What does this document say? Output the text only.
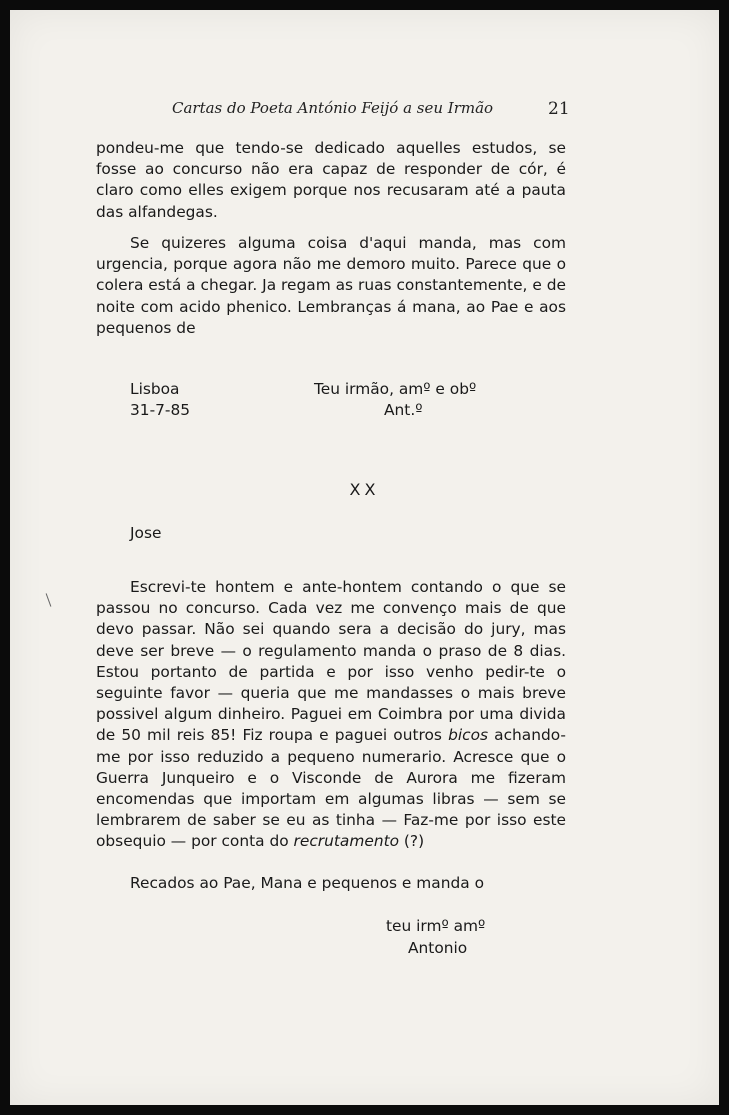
Cartas do Poeta António Feijó a seu Irmão	21

pondeu-me que tendo-se dedicado aquelles estudos, se fosse ao concurso não era capaz de responder de cór, é claro como elles exigem porque nos recusaram até a pauta das alfandegas.

Se quizeres alguma coisa d'aqui manda, mas com urgencia, porque agora não me demoro muito. Parece que o colera está a chegar. Ja regam as ruas constantemente, e de noite com acido phenico. Lembranças á mana, ao Pae e aos pequenos de

Lisboa
31-7-85
Teu irmão, amº e obº
Ant.º
XX
Jose

Escrevi-te hontem e ante-hontem contando o que se passou no concurso. Cada vez me convenço mais de que devo passar. Não sei quando sera a decisão do jury, mas deve ser breve — o regulamento manda o praso de 8 dias. Estou portanto de partida e por isso venho pedir-te o seguinte favor — queria que me mandasses o mais breve possivel algum dinheiro. Paguei em Coimbra por uma divida de 50 mil reis 85! Fiz roupa e paguei outros bicos achando-me por isso reduzido a pequeno numerario. Acresce que o Guerra Junqueiro e o Visconde de Aurora me fizeram encomendas que importam em algumas libras — sem se lembrarem de saber se eu as tinha — Faz-me por isso este obsequio — por conta do recrutamento (?)

Recados ao Pae, Mana e pequenos e manda o

teu irmº amº
Antonio
